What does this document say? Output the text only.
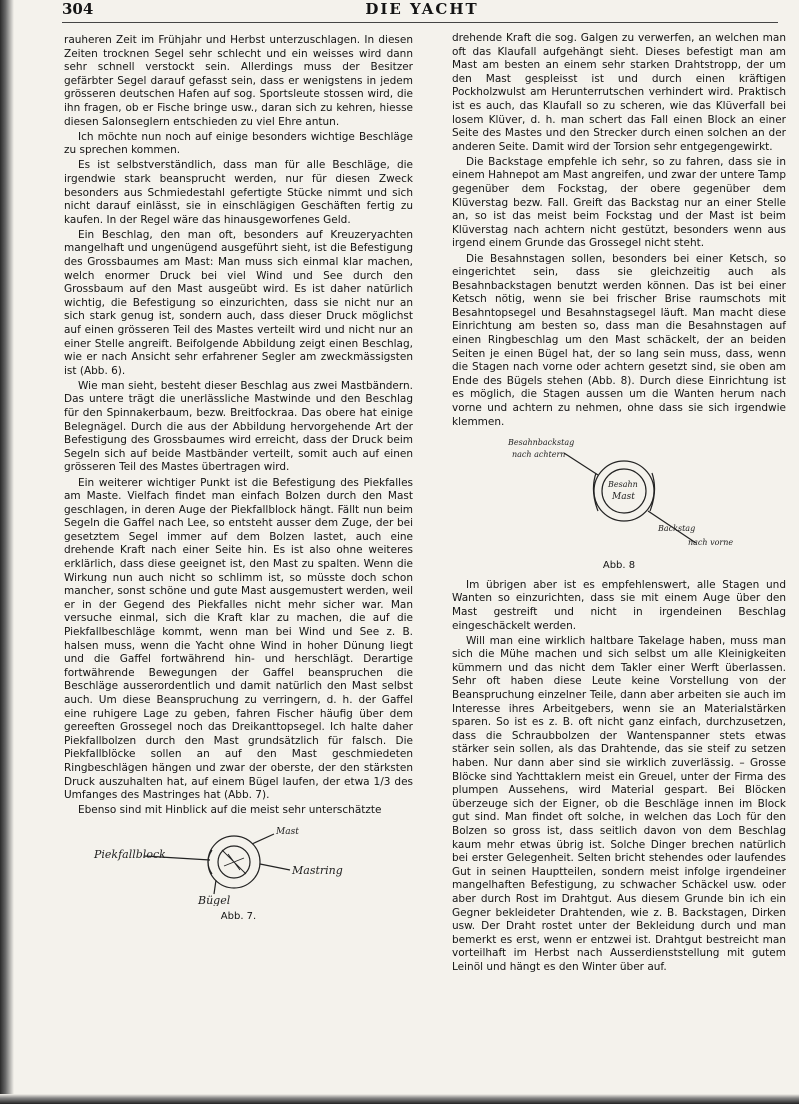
304	DIE YACHT

rauheren Zeit im Frühjahr und Herbst unterzuschlagen. In diesen Zeiten trocknen Segel sehr schlecht und ein weisses wird dann sehr schnell verstockt sein. Allerdings muss der Besitzer gefärbter Segel darauf gefasst sein, dass er wenigstens in jedem grösseren deutschen Hafen auf sog. Sportsleute stossen wird, die ihn fragen, ob er Fische bringe usw., daran sich zu kehren, hiesse diesen Salonseglern entschieden zu viel Ehre antun.

Ich möchte nun noch auf einige besonders wichtige Beschläge zu sprechen kommen.

Es ist selbstverständlich, dass man für alle Beschläge, die irgendwie stark beansprucht werden, nur für diesen Zweck besonders aus Schmiedestahl gefertigte Stücke nimmt und sich nicht darauf einlässt, sie in einschlägigen Geschäften fertig zu kaufen. In der Regel wäre das hinausgeworfenes Geld.

Ein Beschlag, den man oft, besonders auf Kreuzeryachten mangelhaft und ungenügend ausgeführt sieht, ist die Befestigung des Grossbaumes am Mast: Man muss sich einmal klar machen, welch enormer Druck bei viel Wind und See durch den Grossbaum auf den Mast ausgeübt wird. Es ist daher natürlich wichtig, die Befestigung so einzurichten, dass sie nicht nur an sich stark genug ist, sondern auch, dass dieser Druck möglichst auf einen grösseren Teil des Mastes verteilt wird und nicht nur an einer Stelle angreift. Beifolgende Abbildung zeigt einen Beschlag, wie er nach Ansicht sehr erfahrener Segler am zweckmässigsten ist (Abb. 6).

Wie man sieht, besteht dieser Beschlag aus zwei Mastbändern. Das unterе trägt die unerlässliche Mastwinde und den Beschlag für den Spinnakerbaum, bezw. Breitfockraa. Das obere hat einige Belegnägel. Durch die aus der Abbildung hervorgehende Art der Befestigung des Grossbaumes wird erreicht, dass der Druck beim Segeln sich auf beide Mastbänder verteilt, somit auch auf einen grösseren Teil des Mastes übertragen wird.

Ein weiterer wichtiger Punkt ist die Befestigung des Piekfalles am Maste. Vielfach findet man einfach Bolzen durch den Mast geschlagen, in deren Auge der Piekfallblock hängt. Fällt nun beim Segeln die Gaffel nach Lee, so entsteht ausser dem Zuge, der bei gesetztem Segel immer auf dem Bolzen lastet, auch eine drehende Kraft nach einer Seite hin. Es ist also ohne weiteres erklärlich, dass diese geeignet ist, den Mast zu spalten. Wenn die Wirkung nun auch nicht so schlimm ist, so müsste doch schon mancher, sonst schöne und gute Mast ausgemustert werden, weil er in der Gegend des Piekfalles nicht mehr sicher war. Man versuche einmal, sich die Kraft klar zu machen, die auf die Piekfallbeschläge kommt, wenn man bei Wind und See z. B. halsen muss, wenn die Yacht ohne Wind in hoher Dünung liegt und die Gaffel fortwährend hin- und herschlägt. Derartige fortwährende Bewegungen der Gaffel beanspruchen die Beschläge ausserordentlich und damit natürlich den Mast selbst auch. Um diese Beanspruchung zu verringern, d. h. der Gaffel eine ruhigere Lage zu geben, fahren Fischer häufig über dem gereeften Grossegel noch das Dreikanttopsegel. Ich halte daher Piekfallbolzen durch den Mast grundsätzlich für falsch. Die Piekfallblöcke sollen an auf den Mast geschmiedeten Ringbeschlägen hängen und zwar der oberste, der den stärksten Druck auszuhalten hat, auf einem Bügel laufen, der etwa 1/3 des Umfanges des Mastringes hat (Abb. 7).

Ebenso sind mit Hinblick auf die meist sehr unterschätzte

Piekfallblock
Mast
Mastring
Bügel
Abb. 7.

drehende Kraft die sog. Galgen zu verwerfen, an welchen man oft das Klaufall aufgehängt sieht. Dieses befestigt man am Mast am besten an einem sehr starken Drahtstropp, der um den Mast gespleisst ist und durch einen kräftigen Pockholzwulst am Herunterrutschen verhindert wird. Praktisch ist es auch, das Klaufall so zu scheren, wie das Klüverfall bei losem Klüver, d. h. man schert das Fall einen Block an einer Seite des Mastes und den Strecker durch einen solchen an der anderen Seite. Damit wird der Torsion sehr entgegengewirkt.

Die Backstage empfehle ich sehr, so zu fahren, dass sie in einem Hahnepot am Mast angreifen, und zwar der untere Tamp gegenüber dem Fockstag, der obere gegenüber dem Klüverstag bezw. Fall. Greift das Backstag nur an einer Stelle an, so ist das meist beim Fockstag und der Mast ist beim Klüverstag nach achtern nicht gestützt, besonders wenn aus irgend einem Grunde das Grossegel nicht steht.

Die Besahnstagen sollen, besonders bei einer Ketsch, so eingerichtet sein, dass sie gleichzeitig auch als Besahnbackstagen benutzt werden können. Das ist bei einer Ketsch nötig, wenn sie bei frischer Brise raumschots mit Besahntopsegel und Besahnstagsegel läuft. Man macht diese Einrichtung am besten so, dass man die Besahnstagen auf einen Ringbeschlag um den Mast schäckelt, der an beiden Seiten je einen Bügel hat, der so lang sein muss, dass, wenn die Stagen nach vorne oder achtern gesetzt sind, sie oben am Ende des Bügels stehen (Abb. 8). Durch diese Einrichtung ist es möglich, die Stagen aussen um die Wanten herum nach vorne und achtern zu nehmen, ohne dass sie sich irgendwie klemmen.

Besahnbackstag
nach achtern
Besahn
Mast
Backstag
nach vorne
Abb. 8

Im übrigen aber ist es empfehlenswert, alle Stagen und Wanten so einzurichten, dass sie mit einem Auge über den Mast gestreift und nicht in irgendeinen Beschlag eingeschäckelt werden.

Will man eine wirklich haltbare Takelage haben, muss man sich die Mühe machen und sich selbst um alle Kleinigkeiten kümmern und das nicht dem Takler einer Werft überlassen. Sehr oft haben diese Leute keine Vorstellung von der Beanspruchung einzelner Teile, dann aber arbeiten sie auch im Interesse ihres Arbeitgebers, wenn sie an Materialstärken sparen. So ist es z. B. oft nicht ganz einfach, durchzusetzen, dass die Schraubbolzen der Wantenspanner stets etwas stärker sein sollen, als das Drahtende, das sie steif zu setzen haben. Nur dann aber sind sie wirklich zuverlässig. – Grosse Blöcke sind Yachttaklern meist ein Greuel, unter der Firma des plumpen Aussehens, wird Material gespart. Bei Blöcken überzeuge sich der Eigner, ob die Beschläge innen im Block gut sind. Man findet oft solche, in welchen das Loch für den Bolzen so gross ist, dass seitlich davon von dem Beschlag kaum mehr etwas übrig ist. Solche Dinger brechen natürlich bei erster Gelegenheit. Selten bricht stehendes oder laufendes Gut in seinen Hauptteilen, sondern meist infolge irgendeiner mangelhaften Befestigung, zu schwacher Schäckel usw. oder aber durch Rost im Drahtgut. Aus diesem Grunde bin ich ein Gegner bekleideter Drahtenden, wie z. B. Backstagen, Dirken usw. Der Draht rostet unter der Bekleidung durch und man bemerkt es erst, wenn er entzwei ist. Drahtgut bestreicht man vorteilhaft im Herbst nach Ausserdienststellung mit gutem Leinöl und hängt es den Winter über auf.
